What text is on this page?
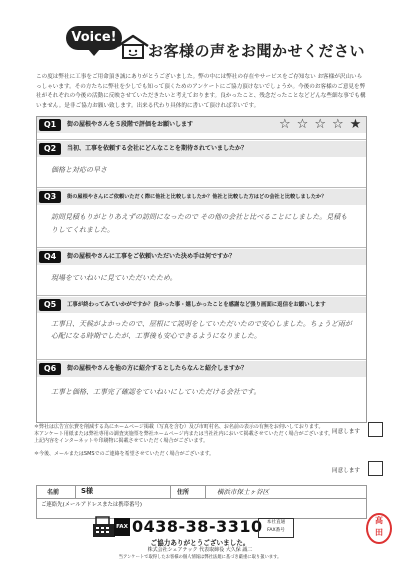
Voice!
お客様の声をお聞かせください
この度は弊社に工事をご用命頂き誠にありがとうございました。弊の中には弊社の存在やサービスをご存知ない お客様が沢山いらっしゃいます。その方たちに弊社を少しでも知って頂くためのアンケートにご協力頂けないでしょうか。今後のお客様のご意見を弊社がそれぞれの今後の活動に反映させていただきたいと考えております。良かったこと、残念だったことなどどんな些細な事でも構いません。是非ご協力お願い致します。出来る代わり具体的に書いて頂ければ幸いです。
Q1	街の屋根やさんを５段階で評価をお願いします	☆☆☆☆★
Q2	当初、工事を依頼する会社にどんなことを期待されていましたか？
価格と対応の早さ
Q3	街の屋根やさんにご依頼いただく際に他社と比較しましたか？他社と比較した方はどの会社と比較しましたか？
訪問見積もりがとりあえずの訪問になったので その他の会社と比べることにしました。見積もりしてくれました。
Q4	街の屋根やさんに工事をご依頼いただいた決め手は何ですか？
現場をていねいに見ていただいたため。
Q5	工事が終わってみていかがですか？良かった事・嬉しかったことを感謝など張り画面に返信をお願いします
工事日、天候がよかったので、屋根にて説明をしていただいたので安心しました。ちょうど雨が心配になる時期でしたが、工事後も安心できるようになりました。
Q6	街の屋根やさんを他の方に紹介するとしたらなんと紹介しますか？
工事と価格、工事完了確認をていねいにしていただける会社です。
＊弊社は広告宣伝費を削減する為にホームページ掲載（写真を含む）及び市町村名、お名前の表示の有無をお伺いしております。
本アンケート用紙または弊社専用の調査実施票を弊社ホームページ内または当社社内において掲載させていただく場合がございます。
上記内容をインターネットや印刷物に掲載させていただく場合がございます。
＊今後、メールまたはSMSでのご連絡を希望させていただく場合がございます。
同意します
同意します
名前	S様	住所	横浜市保土ヶ谷区
ご連絡先(メールアドレスまたは携帯番号)
FAX 0438-38-3310 本社直通
FAX番号
ご協力ありがとうございました。
株式会社シェアテック 代表取締役 大久保 誠二
当アンケートで取得したお客様の個人情報は弊社法規に基づき厳重に取り扱います。
高
田
